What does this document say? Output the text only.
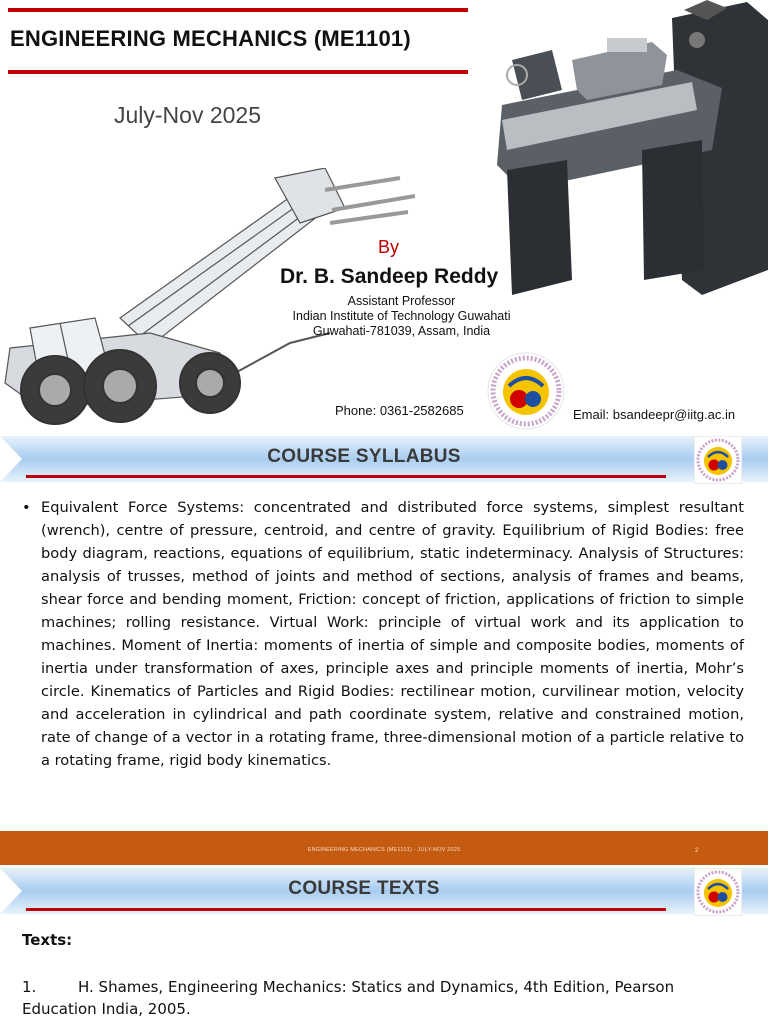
ENGINEERING MECHANICS (ME1101)
July-Nov 2025
By
Dr. B. Sandeep Reddy
Assistant Professor
Indian Institute of Technology Guwahati
Guwahati-781039, Assam, India
Phone: 0361-2582685	Email: bsandeepr@iitg.ac.in
COURSE SYLLABUS
• Equivalent Force Systems: concentrated and distributed force systems, simplest resultant (wrench), centre of pressure, centroid, and centre of gravity. Equilibrium of Rigid Bodies: free body diagram, reactions, equations of equilibrium, static indeterminacy. Analysis of Structures: analysis of trusses, method of joints and method of sections, analysis of frames and beams, shear force and bending moment, Friction: concept of friction, applications of friction to simple machines; rolling resistance. Virtual Work: principle of virtual work and its application to machines. Moment of Inertia: moments of inertia of simple and composite bodies, moments of inertia under transformation of axes, principle axes and principle moments of inertia, Mohr’s circle. Kinematics of Particles and Rigid Bodies: rectilinear motion, curvilinear motion, velocity and acceleration in cylindrical and path coordinate system, relative and constrained motion, rate of change of a vector in a rotating frame, three-dimensional motion of a particle relative to a rotating frame, rigid body kinematics.
ENGINEERING MECHANICS (ME1101) - JULY-NOV 2025	2
COURSE TEXTS
Texts:
1.	H. Shames, Engineering Mechanics: Statics and Dynamics, 4th Edition, Pearson Education India, 2005.
